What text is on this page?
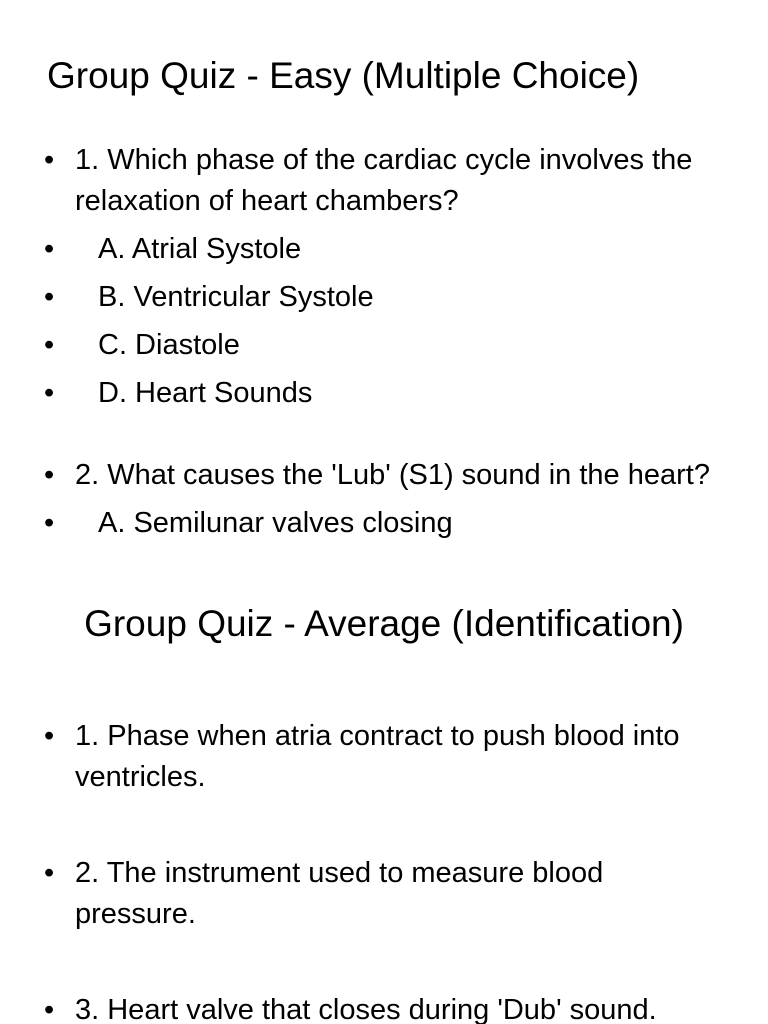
Group Quiz - Easy (Multiple Choice)
• 1. Which phase of the cardiac cycle involves the relaxation of heart chambers?
• A. Atrial Systole
• B. Ventricular Systole
• C. Diastole
• D. Heart Sounds
• 2. What causes the 'Lub' (S1) sound in the heart?
• A. Semilunar valves closing
Group Quiz - Average (Identification)
• 1. Phase when atria contract to push blood into ventricles.
• 2. The instrument used to measure blood pressure.
• 3. Heart valve that closes during 'Dub' sound.
